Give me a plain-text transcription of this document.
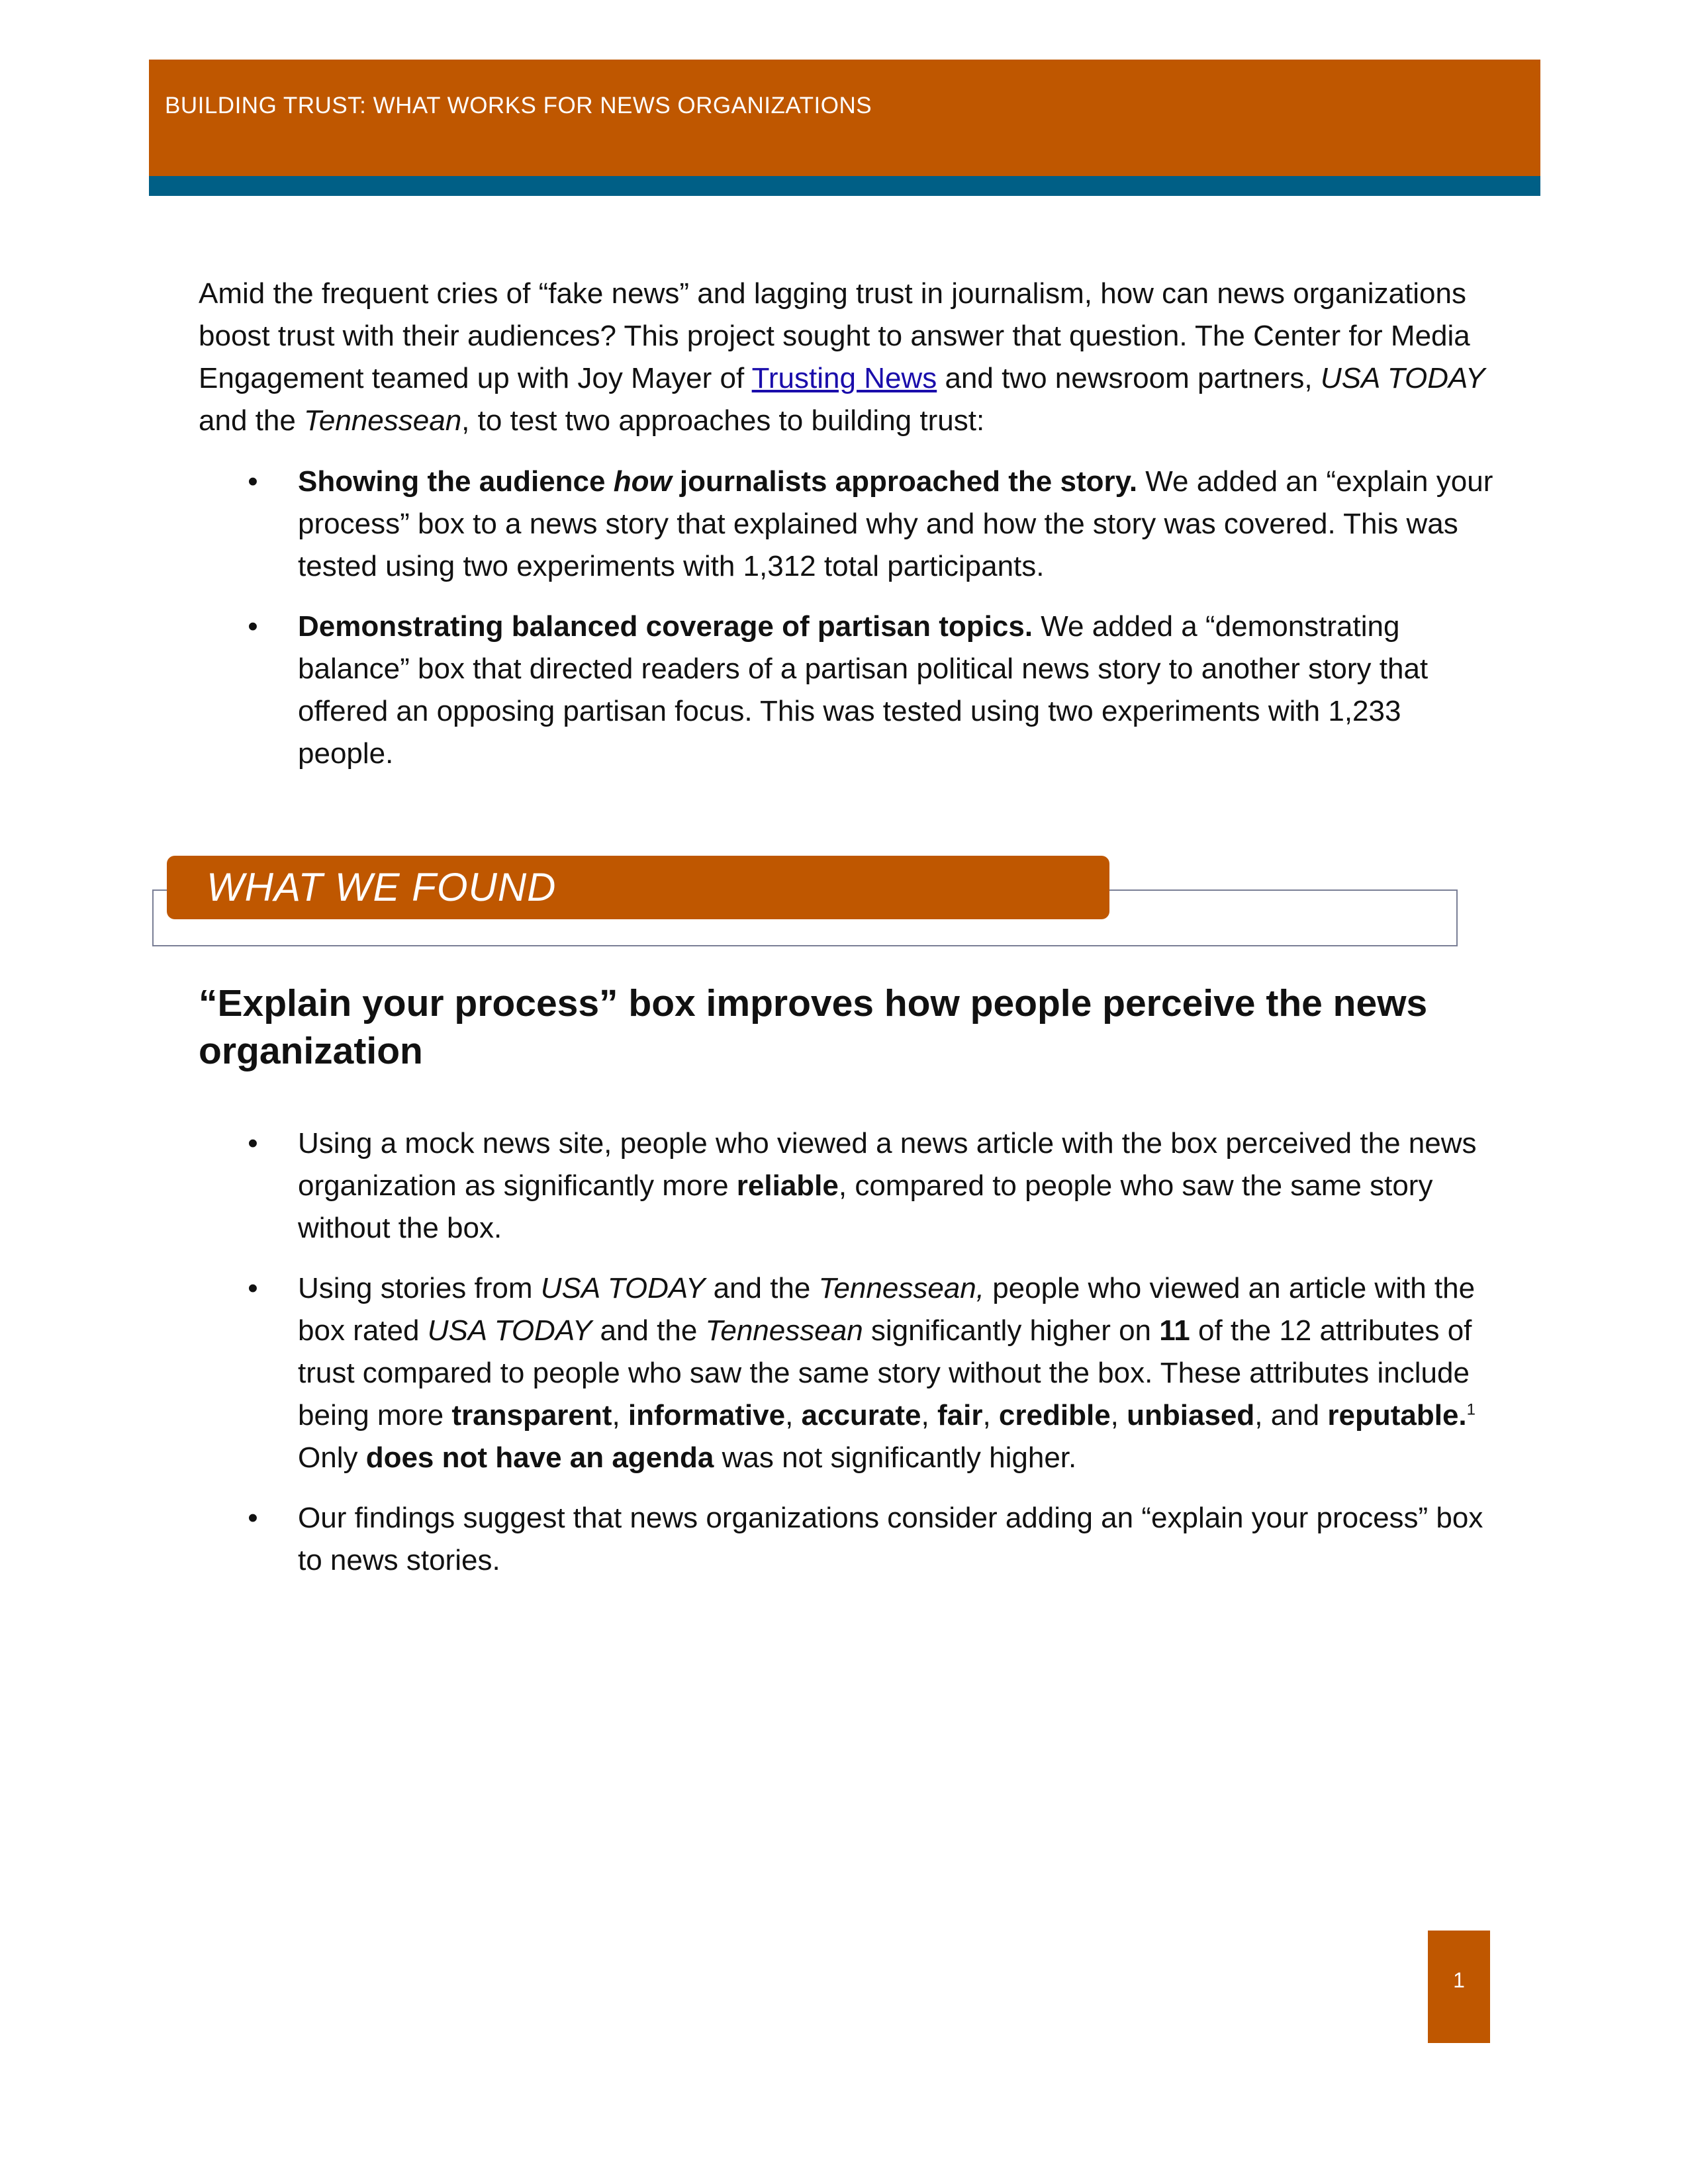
BUILDING TRUST: WHAT WORKS FOR NEWS ORGANIZATIONS

Amid the frequent cries of “fake news” and lagging trust in journalism, how can news organizations boost trust with their audiences? This project sought to answer that question. The Center for Media Engagement teamed up with Joy Mayer of Trusting News and two newsroom partners, USA TODAY and the Tennessean, to test two approaches to building trust:

• Showing the audience how journalists approached the story. We added an “explain your process” box to a news story that explained why and how the story was covered. This was tested using two experiments with 1,312 total participants.
• Demonstrating balanced coverage of partisan topics. We added a “demonstrating balance” box that directed readers of a partisan political news story to another story that offered an opposing partisan focus. This was tested using two experiments with 1,233 people.
WHAT WE FOUND
“Explain your process” box improves how people perceive the news organization
• Using a mock news site, people who viewed a news article with the box perceived the news organization as significantly more reliable, compared to people who saw the same story without the box.
• Using stories from USA TODAY and the Tennessean, people who viewed an article with the box rated USA TODAY and the Tennessean significantly higher on 11 of the 12 attributes of trust compared to people who saw the same story without the box. These attributes include being more transparent, informative, accurate, fair, credible, unbiased, and reputable.$^1$ Only does not have an agenda was not significantly higher.
• Our findings suggest that news organizations consider adding an “explain your process” box to news stories.
1
